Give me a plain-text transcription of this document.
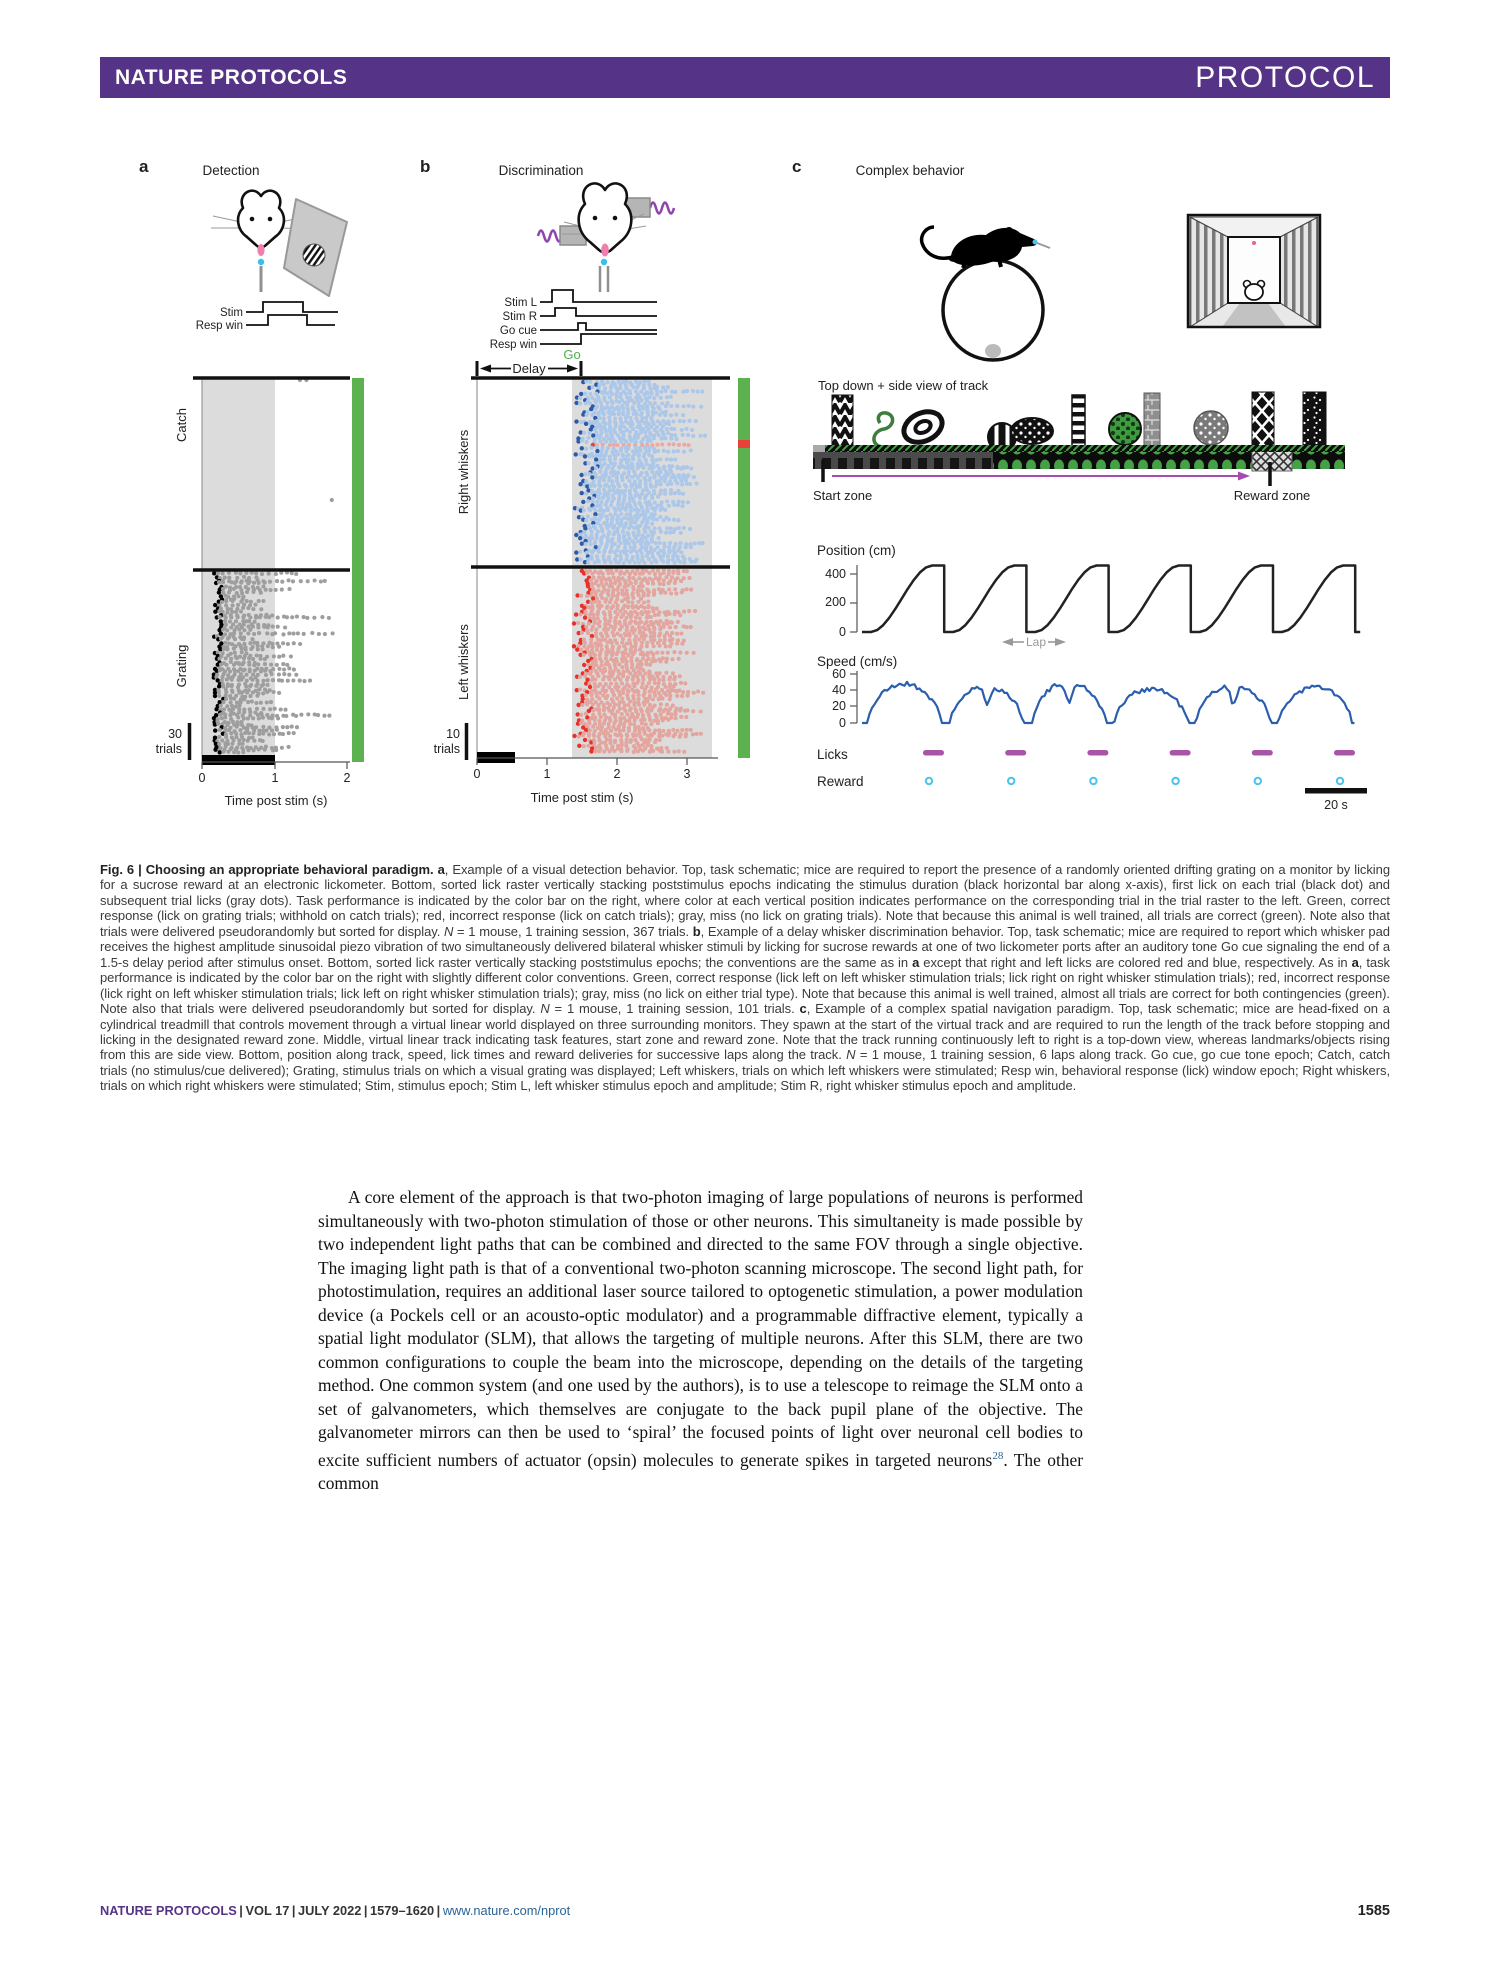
NATURE PROTOCOLS	PROTOCOL
a	Detection
Stim
Resp win
0	1	2
Time post stim (s)
Catch
Grating
30
trials
b	Discrimination
Stim L
Stim R
Go cue
Resp win
Go
Delay
0	1	2	3
Time post stim (s)
Right whiskers
Left whiskers
10
trials
c	Complex behavior
Top down + side view of track
Start zone	Reward zone
Position (cm)
400
200
0
Lap
Speed (cm/s)
60
40
20
0
Licks
Reward
20 s
Fig. 6 | Choosing an appropriate behavioral paradigm. a, Example of a visual detection behavior. Top, task schematic; mice are required to report the presence of a randomly oriented drifting grating on a monitor by licking for a sucrose reward at an electronic lickometer. Bottom, sorted lick raster vertically stacking poststimulus epochs indicating the stimulus duration (black horizontal bar along x-axis), first lick on each trial (black dot) and subsequent trial licks (gray dots). Task performance is indicated by the color bar on the right, where color at each vertical position indicates performance on the corresponding trial in the trial raster to the left. Green, correct response (lick on grating trials; withhold on catch trials); red, incorrect response (lick on catch trials); gray, miss (no lick on grating trials). Note that because this animal is well trained, all trials are correct (green). Note also that trials were delivered pseudorandomly but sorted for display. N = 1 mouse, 1 training session, 367 trials. b, Example of a delay whisker discrimination behavior. Top, task schematic; mice are required to report which whisker pad receives the highest amplitude sinusoidal piezo vibration of two simultaneously delivered bilateral whisker stimuli by licking for sucrose rewards at one of two lickometer ports after an auditory tone Go cue signaling the end of a 1.5-s delay period after stimulus onset. Bottom, sorted lick raster vertically stacking poststimulus epochs; the conventions are the same as in a except that right and left licks are colored red and blue, respectively. As in a, task performance is indicated by the color bar on the right with slightly different color conventions. Green, correct response (lick left on left whisker stimulation trials; lick right on right whisker stimulation trials); red, incorrect response (lick right on left whisker stimulation trials; lick left on right whisker stimulation trials); gray, miss (no lick on either trial type). Note that because this animal is well trained, almost all trials are correct for both contingencies (green). Note also that trials were delivered pseudorandomly but sorted for display. N = 1 mouse, 1 training session, 101 trials. c, Example of a complex spatial navigation paradigm. Top, task schematic; mice are head-fixed on a cylindrical treadmill that controls movement through a virtual linear world displayed on three surrounding monitors. They spawn at the start of the virtual track and are required to run the length of the track before stopping and licking in the designated reward zone. Middle, virtual linear track indicating task features, start zone and reward zone. Note that the track running continuously left to right is a top-down view, whereas landmarks/objects rising from this are side view. Bottom, position along track, speed, lick times and reward deliveries for successive laps along the track. N = 1 mouse, 1 training session, 6 laps along track. Go cue, go cue tone epoch; Catch, catch trials (no stimulus/cue delivered); Grating, stimulus trials on which a visual grating was displayed; Left whiskers, trials on which left whiskers were stimulated; Resp win, behavioral response (lick) window epoch; Right whiskers, trials on which right whiskers were stimulated; Stim, stimulus epoch; Stim L, left whisker stimulus epoch and amplitude; Stim R, right whisker stimulus epoch and amplitude.
A core element of the approach is that two-photon imaging of large populations of neurons is performed simultaneously with two-photon stimulation of those or other neurons. This simultaneity is made possible by two independent light paths that can be combined and directed to the same FOV through a single objective. The imaging light path is that of a conventional two-photon scanning microscope. The second light path, for photostimulation, requires an additional laser source tailored to optogenetic stimulation, a power modulation device (a Pockels cell or an acousto-optic modulator) and a programmable diffractive element, typically a spatial light modulator (SLM), that allows the targeting of multiple neurons. After this SLM, there are two common configurations to couple the beam into the microscope, depending on the details of the targeting method. One common system (and one used by the authors), is to use a telescope to reimage the SLM onto a set of galvanometers, which themselves are conjugate to the back pupil plane of the objective. The galvanometer mirrors can then be used to ‘spiral’ the focused points of light over neuronal cell bodies to excite sufficient numbers of actuator (opsin) molecules to generate spikes in targeted neurons$^{28}$. The other common
NATURE PROTOCOLS | VOL 17 | JULY 2022 | 1579–1620 | www.nature.com/nprot	1585
